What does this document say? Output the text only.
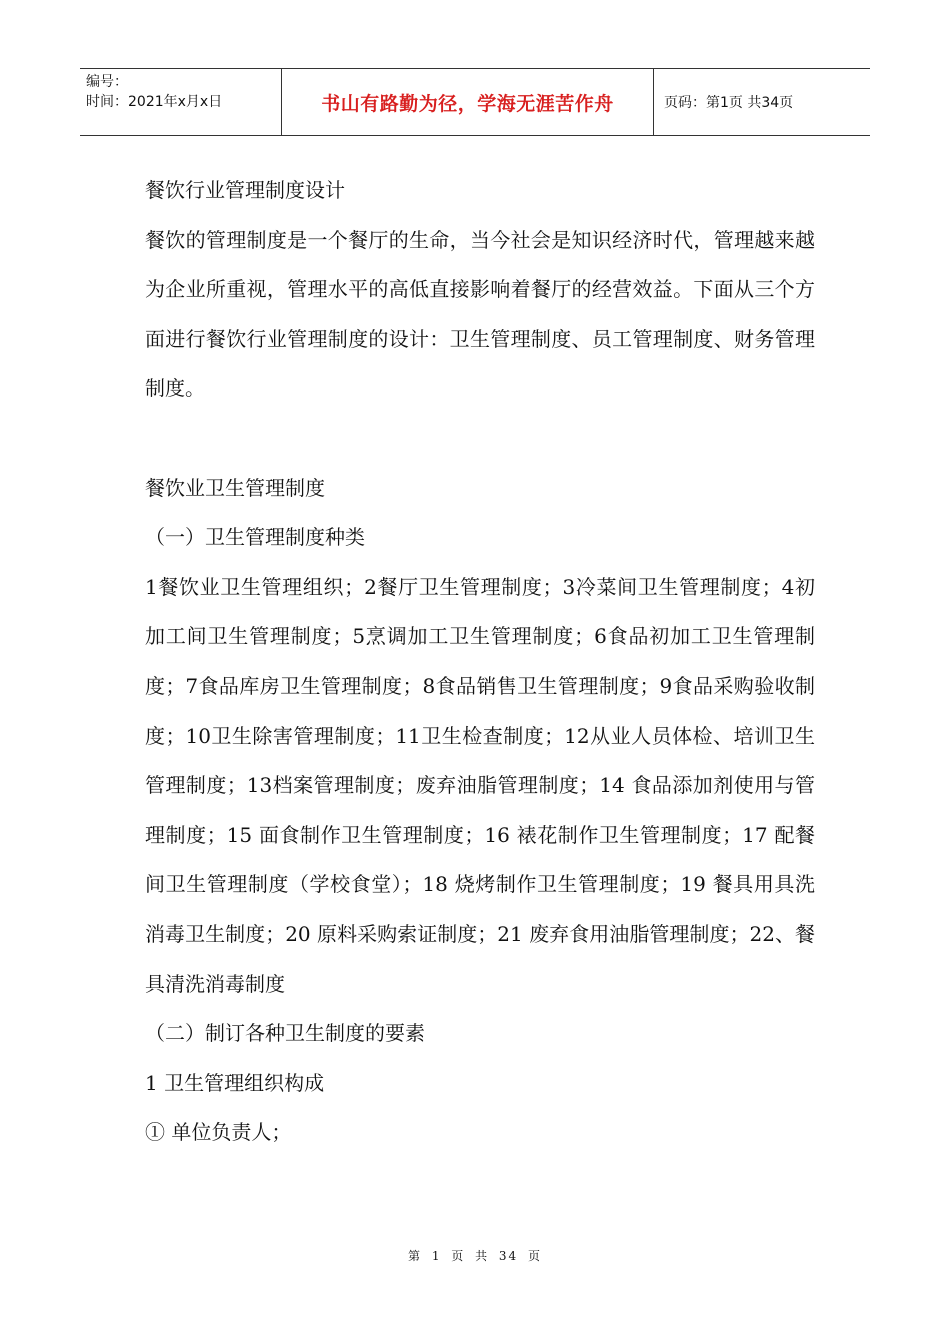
编号：
时间：2021年x月x日	书山有路勤为径，学海无涯苦作舟	页码：第1页 共34页

餐饮行业管理制度设计

餐饮的管理制度是一个餐厅的生命，当今社会是知识经济时代，管理越来越为企业所重视，管理水平的高低直接影响着餐厅的经营效益。下面从三个方面进行餐饮行业管理制度的设计：卫生管理制度、员工管理制度、财务管理制度。

餐饮业卫生管理制度

（一）卫生管理制度种类

1餐饮业卫生管理组织；2餐厅卫生管理制度；3冷菜间卫生管理制度；4初加工间卫生管理制度；5烹调加工卫生管理制度；6食品初加工卫生管理制度；7食品库房卫生管理制度；8食品销售卫生管理制度；9食品采购验收制度；10卫生除害管理制度；11卫生检查制度；12从业人员体检、培训卫生管理制度；13档案管理制度；废弃油脂管理制度；14 食品添加剂使用与管理制度；15 面食制作卫生管理制度；16 裱花制作卫生管理制度；17 配餐间卫生管理制度（学校食堂）；18 烧烤制作卫生管理制度；19 餐具用具洗消毒卫生制度；20 原料采购索证制度；21 废弃食用油脂管理制度；22、餐具清洗消毒制度

（二）制订各种卫生制度的要素

1 卫生管理组织构成

① 单位负责人；

第 1 页 共 34 页
